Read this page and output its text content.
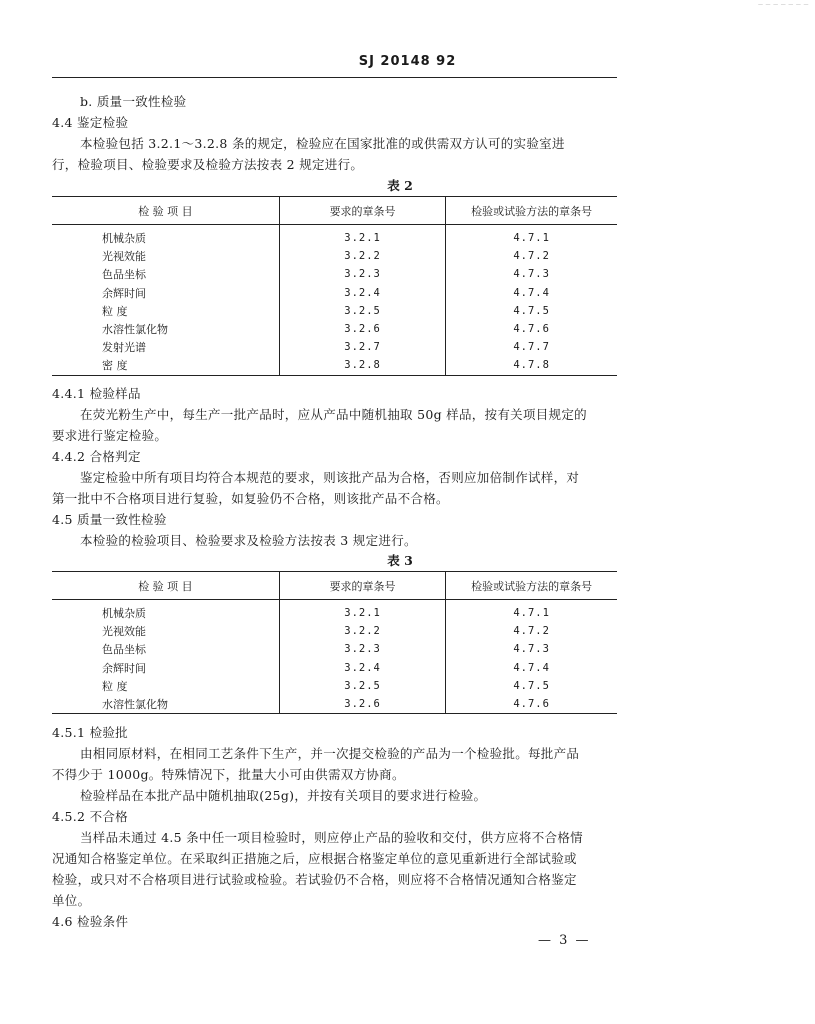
— — — — — — —
SJ 20148 92
b. 质量一致性检验
4.4 鉴定检验
本检验包括 3.2.1～3.2.8 条的规定，检验应在国家批准的或供需双方认可的实验室进
行，检验项目、检验要求及检验方法按表 2 规定进行。
表 2
检 验 项 目	要求的章条号	检验或试验方法的章条号
机械杂质	3.2.1	4.7.1
光视效能	3.2.2	4.7.2
色品坐标	3.2.3	4.7.3
余辉时间	3.2.4	4.7.4
粒 度	3.2.5	4.7.5
水溶性氯化物	3.2.6	4.7.6
发射光谱	3.2.7	4.7.7
密 度	3.2.8	4.7.8
4.4.1 检验样品
在荧光粉生产中，每生产一批产品时，应从产品中随机抽取 50g 样品，按有关项目规定的
要求进行鉴定检验。
4.4.2 合格判定
鉴定检验中所有项目均符合本规范的要求，则该批产品为合格，否则应加倍制作试样，对
第一批中不合格项目进行复验，如复验仍不合格，则该批产品不合格。
4.5 质量一致性检验
本检验的检验项目、检验要求及检验方法按表 3 规定进行。
表 3
检 验 项 目	要求的章条号	检验或试验方法的章条号
机械杂质	3.2.1	4.7.1
光视效能	3.2.2	4.7.2
色品坐标	3.2.3	4.7.3
余辉时间	3.2.4	4.7.4
粒 度	3.2.5	4.7.5
水溶性氯化物	3.2.6	4.7.6
4.5.1 检验批
由相同原材料，在相同工艺条件下生产，并一次提交检验的产品为一个检验批。每批产品
不得少于 1000g。特殊情况下，批量大小可由供需双方协商。
检验样品在本批产品中随机抽取(25g)，并按有关项目的要求进行检验。
4.5.2 不合格
当样品未通过 4.5 条中任一项目检验时，则应停止产品的验收和交付，供方应将不合格情
况通知合格鉴定单位。在采取纠正措施之后，应根据合格鉴定单位的意见重新进行全部试验或
检验，或只对不合格项目进行试验或检验。若试验仍不合格，则应将不合格情况通知合格鉴定
单位。
4.6 检验条件
— 3 —
